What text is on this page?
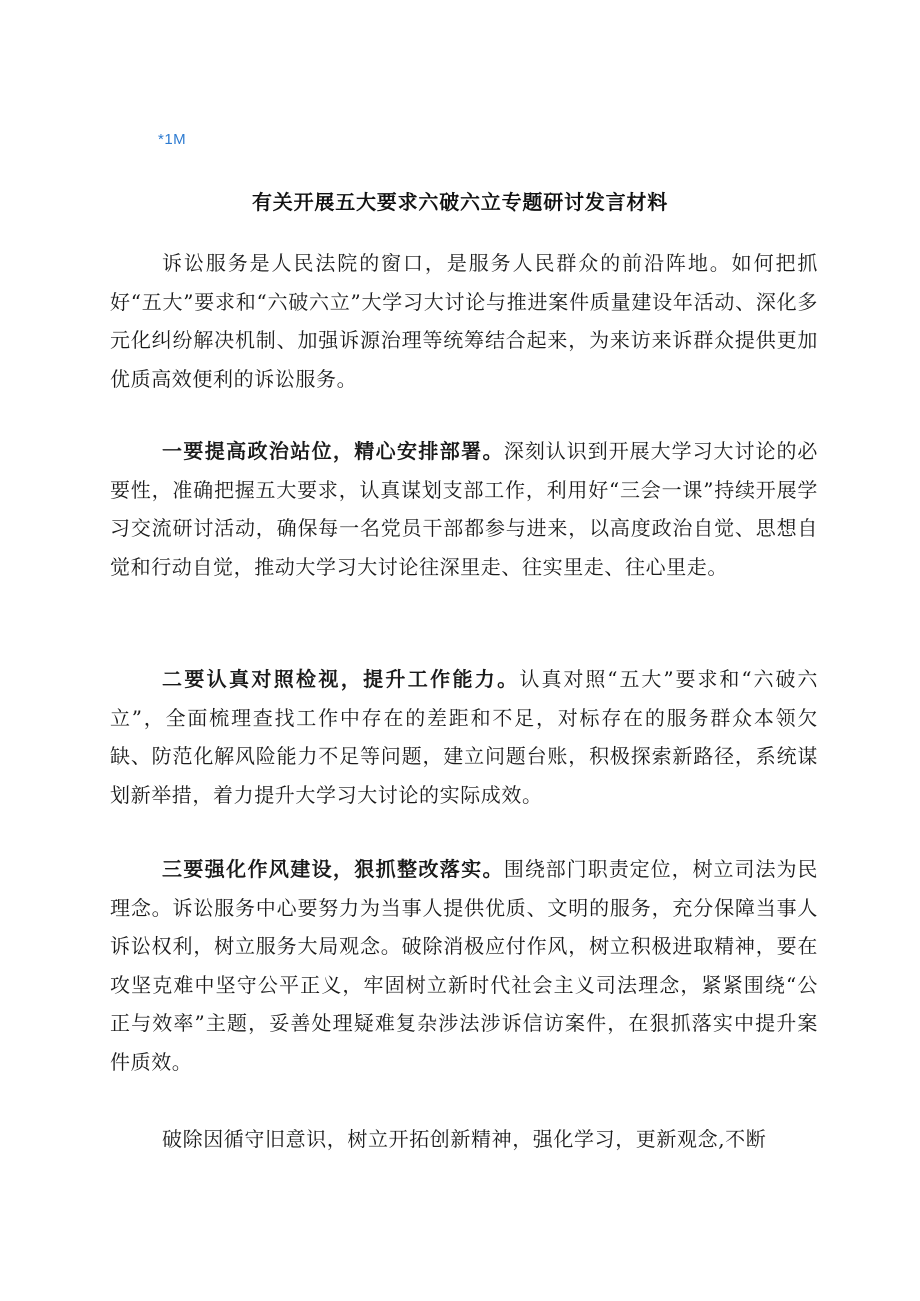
*1M
有关开展五大要求六破六立专题研讨发言材料

诉讼服务是人民法院的窗口，是服务人民群众的前沿阵地。如何把抓好“五大”要求和“六破六立”大学习大讨论与推进案件质量建设年活动、深化多元化纠纷解决机制、加强诉源治理等统筹结合起来，为来访来诉群众提供更加优质高效便利的诉讼服务。

一要提高政治站位，精心安排部署。深刻认识到开展大学习大讨论的必要性，准确把握五大要求，认真谋划支部工作，利用好“三会一课”持续开展学习交流研讨活动，确保每一名党员干部都参与进来，以高度政治自觉、思想自觉和行动自觉，推动大学习大讨论往深里走、往实里走、往心里走。

二要认真对照检视，提升工作能力。认真对照“五大”要求和“六破六立”，全面梳理查找工作中存在的差距和不足，对标存在的服务群众本领欠缺、防范化解风险能力不足等问题，建立问题台账，积极探索新路径，系统谋划新举措，着力提升大学习大讨论的实际成效。

三要强化作风建设，狠抓整改落实。围绕部门职责定位，树立司法为民理念。诉讼服务中心要努力为当事人提供优质、文明的服务，充分保障当事人诉讼权利，树立服务大局观念。破除消极应付作风，树立积极进取精神，要在攻坚克难中坚守公平正义，牢固树立新时代社会主义司法理念，紧紧围绕“公正与效率”主题，妥善处理疑难复杂涉法涉诉信访案件，在狠抓落实中提升案件质效。

破除因循守旧意识，树立开拓创新精神，强化学习，更新观念,不断
